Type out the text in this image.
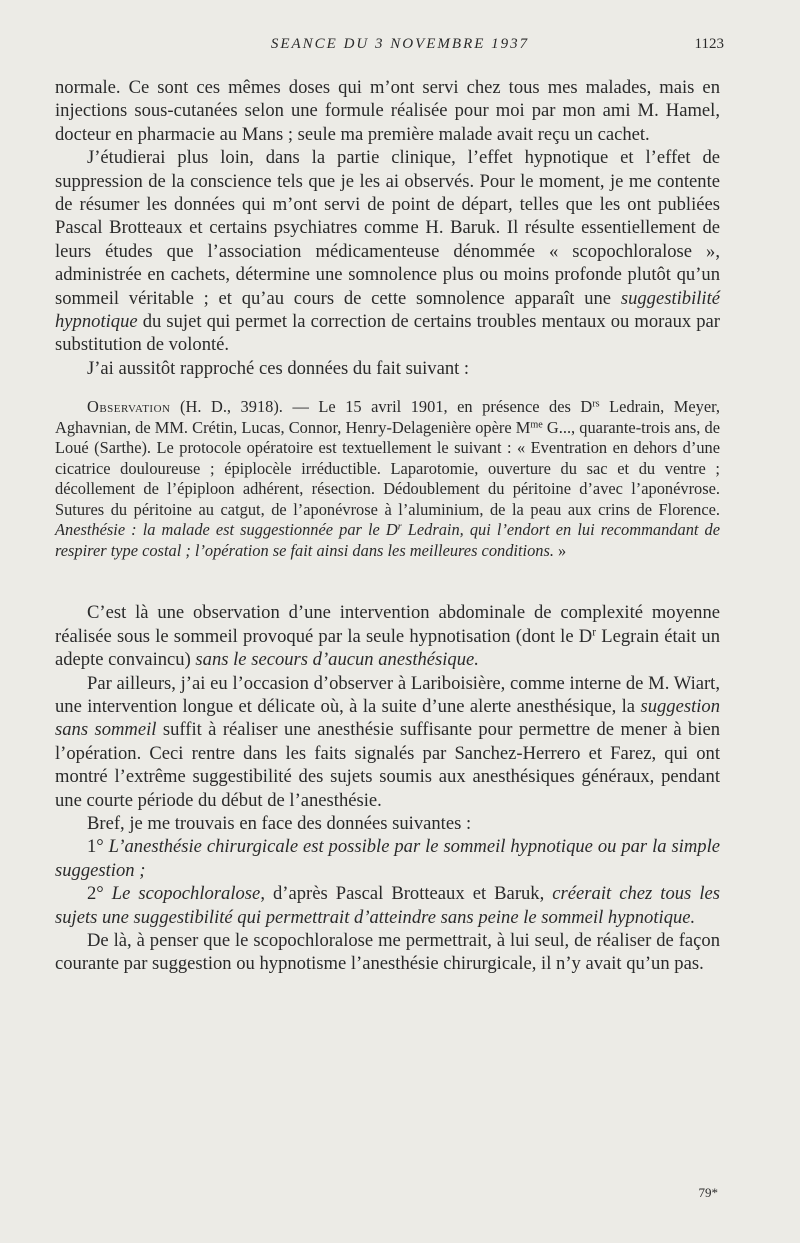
SEANCE DU 3 NOVEMBRE 1937	1123

normale. Ce sont ces mêmes doses qui m’ont servi chez tous mes malades, mais en injections sous-cutanées selon une formule réalisée pour moi par mon ami M. Hamel, docteur en pharmacie au Mans ; seule ma première malade avait reçu un cachet.

J’étudierai plus loin, dans la partie clinique, l’effet hypnotique et l’effet de suppression de la conscience tels que je les ai observés. Pour le moment, je me contente de résumer les données qui m’ont servi de point de départ, telles que les ont publiées Pascal Brotteaux et certains psychiatres comme H. Baruk. Il résulte essentiellement de leurs études que l’association médicamenteuse dénommée « scopochloralose », administrée en cachets, détermine une somnolence plus ou moins profonde plutôt qu’un sommeil véritable ; et qu’au cours de cette somnolence apparaît une suggestibilité hypnotique du sujet qui permet la correction de certains troubles mentaux ou moraux par substitution de volonté.

J’ai aussitôt rapproché ces données du fait suivant :

Observation (H. D., 3918). — Le 15 avril 1901, en présence des $D^{rs}$ Ledrain, Meyer, Aghavnian, de MM. Crétin, Lucas, Connor, Henry-Delagenière opère $M^{me}$ G..., quarante-trois ans, de Loué (Sarthe). Le protocole opératoire est textuellement le suivant : « Eventration en dehors d’une cicatrice douloureuse ; épiplocèle irréductible. Laparotomie, ouverture du sac et du ventre ; décollement de l’épiploon adhérent, résection. Dédoublement du péritoine d’avec l’aponévrose. Sutures du péritoine au catgut, de l’aponévrose à l’aluminium, de la peau aux crins de Florence. Anesthésie : la malade est suggestionnée par le $D^r$ Ledrain, qui l’endort en lui recommandant de respirer type costal ; l’opération se fait ainsi dans les meilleures conditions. »

C’est là une observation d’une intervention abdominale de complexité moyenne réalisée sous le sommeil provoqué par la seule hypnotisation (dont le $D^r$ Legrain était un adepte convaincu) sans le secours d’aucun anesthésique.

Par ailleurs, j’ai eu l’occasion d’observer à Lariboisière, comme interne de M. Wiart, une intervention longue et délicate où, à la suite d’une alerte anesthésique, la suggestion sans sommeil suffit à réaliser une anesthésie suffisante pour permettre de mener à bien l’opération. Ceci rentre dans les faits signalés par Sanchez-Herrero et Farez, qui ont montré l’extrême suggestibilité des sujets soumis aux anesthésiques généraux, pendant une courte période du début de l’anesthésie.

Bref, je me trouvais en face des données suivantes :

1° L’anesthésie chirurgicale est possible par le sommeil hypnotique ou par la simple suggestion ;

2° Le scopochloralose, d’après Pascal Brotteaux et Baruk, créerait chez tous les sujets une suggestibilité qui permettrait d’atteindre sans peine le sommeil hypnotique.

De là, à penser que le scopochloralose me permettrait, à lui seul, de réaliser de façon courante par suggestion ou hypnotisme l’anesthésie chirurgicale, il n’y avait qu’un pas.

79*
